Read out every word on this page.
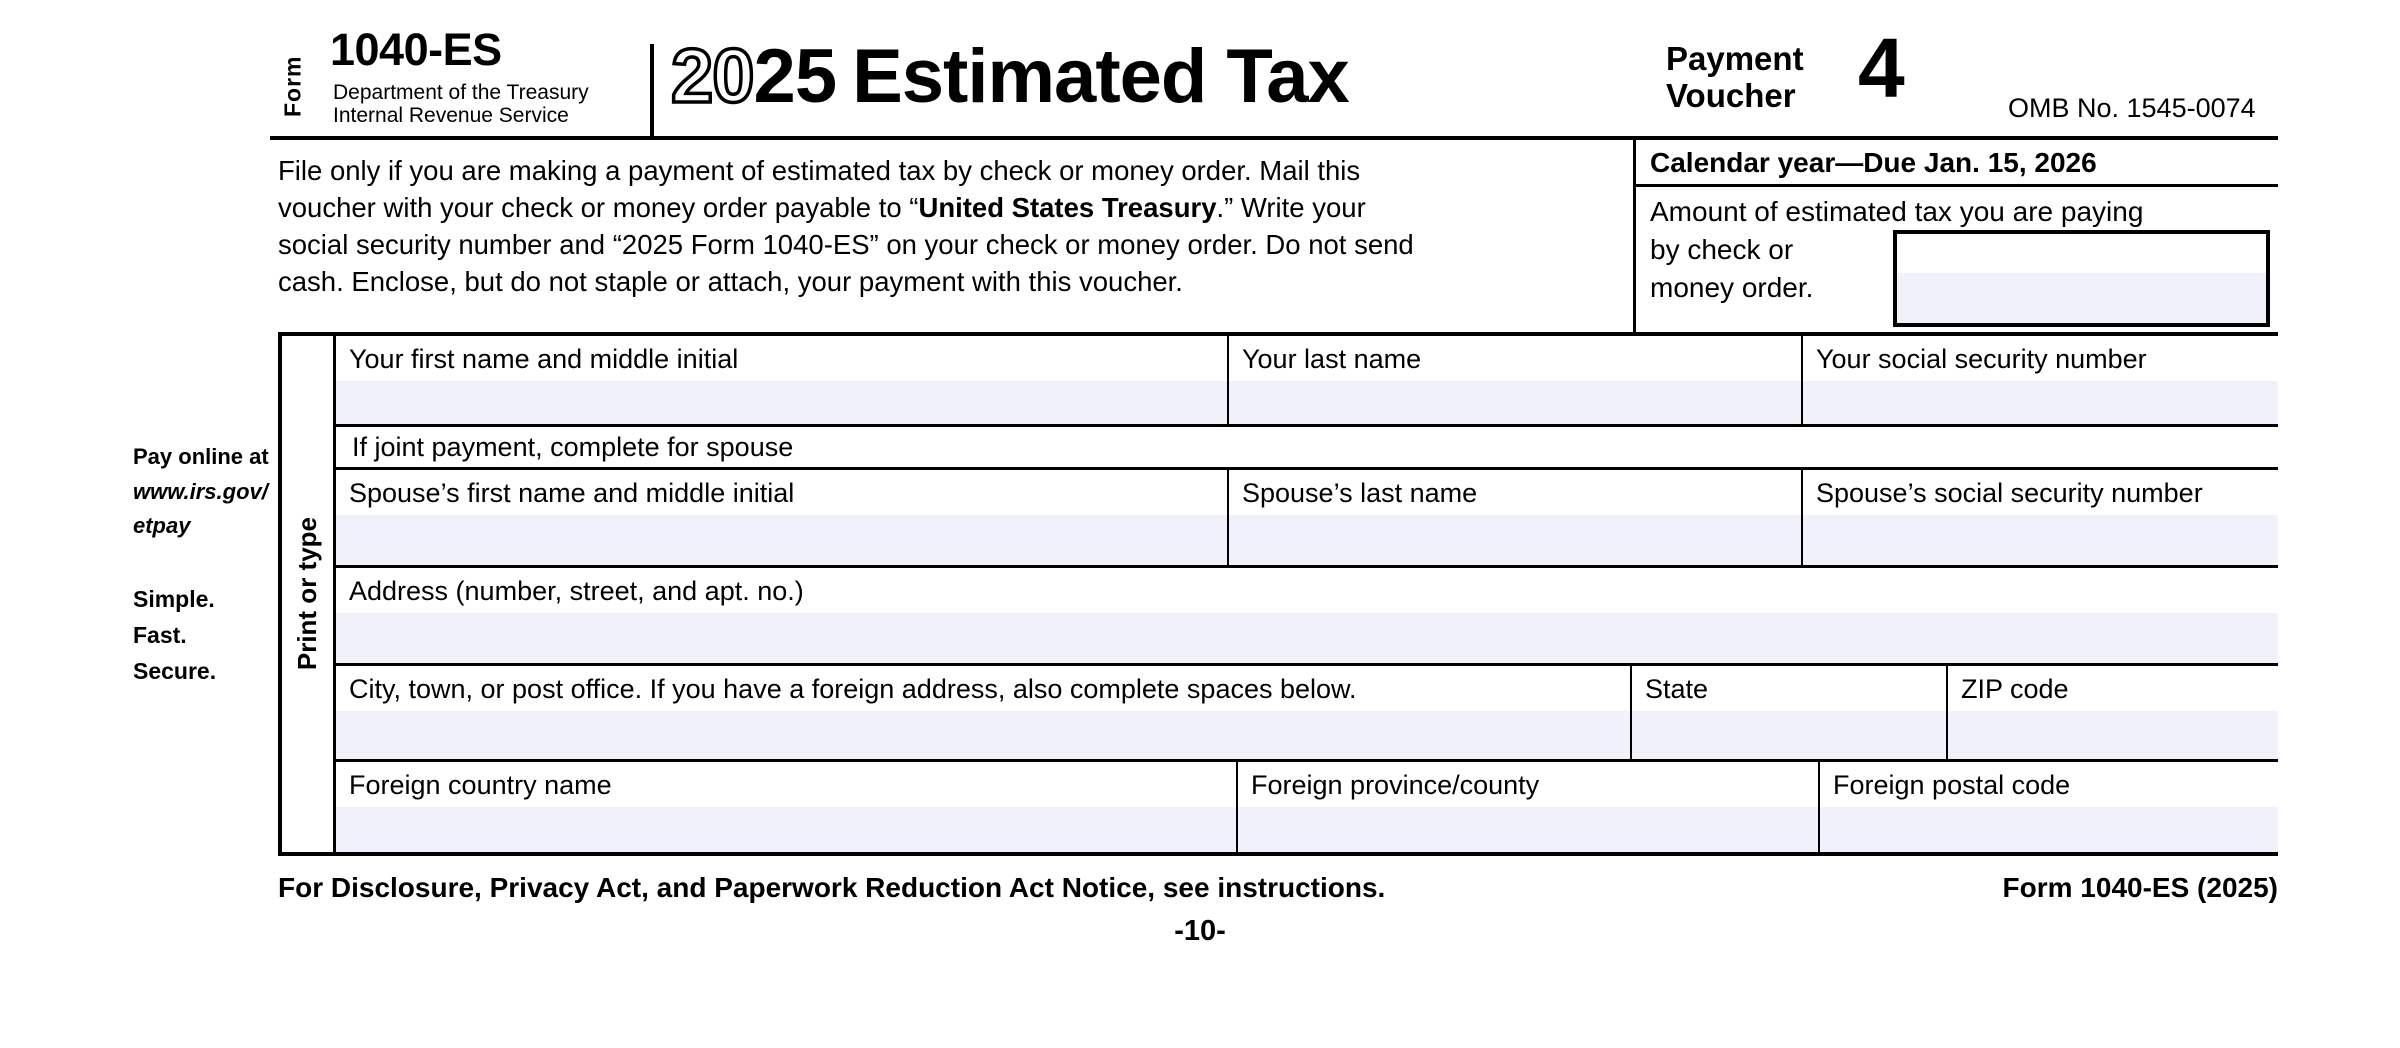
Form
1040-ES
Department of the Treasury
Internal Revenue Service 2025 Estimated Tax	Payment
Voucher 4	OMB No. 1545-0074
File only if you are making a payment of estimated tax by check or money order. Mail this
voucher with your check or money order payable to “United States Treasury.” Write your
social security number and “2025 Form 1040-ES” on your check or money order. Do not send
cash. Enclose, but do not staple or attach, your payment with this voucher.
Calendar year—Due Jan. 15, 2026
Amount of estimated tax you are paying
by check or
money order.
Pay online at
www.irs.gov/
etpay
Simple.
Fast.
Secure.
Print or type
Your first name and middle initial	Your last name	Your social security number
If joint payment, complete for spouse
Spouse’s first name and middle initial	Spouse’s last name	Spouse’s social security number
Address (number, street, and apt. no.)
City, town, or post office. If you have a foreign address, also complete spaces below.	State	ZIP code
Foreign country name	Foreign province/county	Foreign postal code
For Disclosure, Privacy Act, and Paperwork Reduction Act Notice, see instructions.	Form 1040-ES (2025)
-10-
